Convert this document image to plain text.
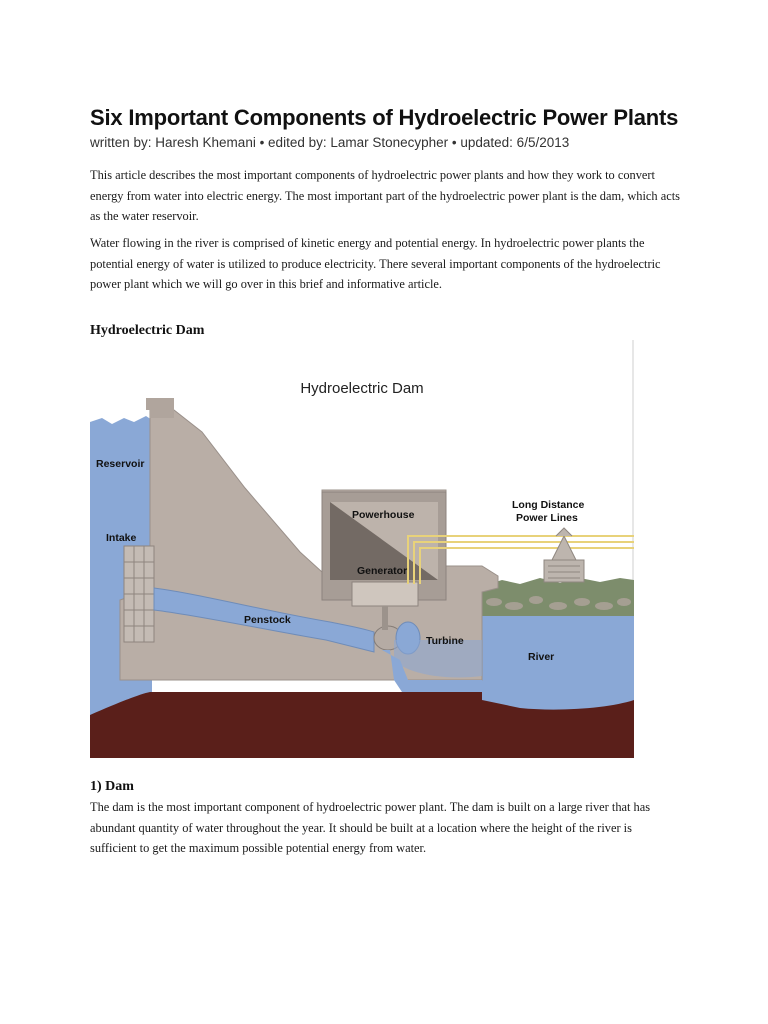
Six Important Components of Hydroelectric Power Plants
written by: Haresh Khemani • edited by: Lamar Stonecypher • updated: 6/5/2013

This article describes the most important components of hydroelectric power plants and how they work to convert energy from water into electric energy. The most important part of the hydroelectric power plant is the dam, which acts as the water reservoir.

Water flowing in the river is comprised of kinetic energy and potential energy. In hydroelectric power plants the potential energy of water is utilized to produce electricity. There several important components of the hydroelectric power plant which we will go over in this brief and informative article.

Hydroelectric Dam
Hydroelectric Dam
Reservoir
Intake
Powerhouse
Generator
Penstock
Turbine
River
Long Distance
Power Lines
1) Dam

The dam is the most important component of hydroelectric power plant. The dam is built on a large river that has abundant quantity of water throughout the year. It should be built at a location where the height of the river is sufficient to get the maximum possible potential energy from water.
